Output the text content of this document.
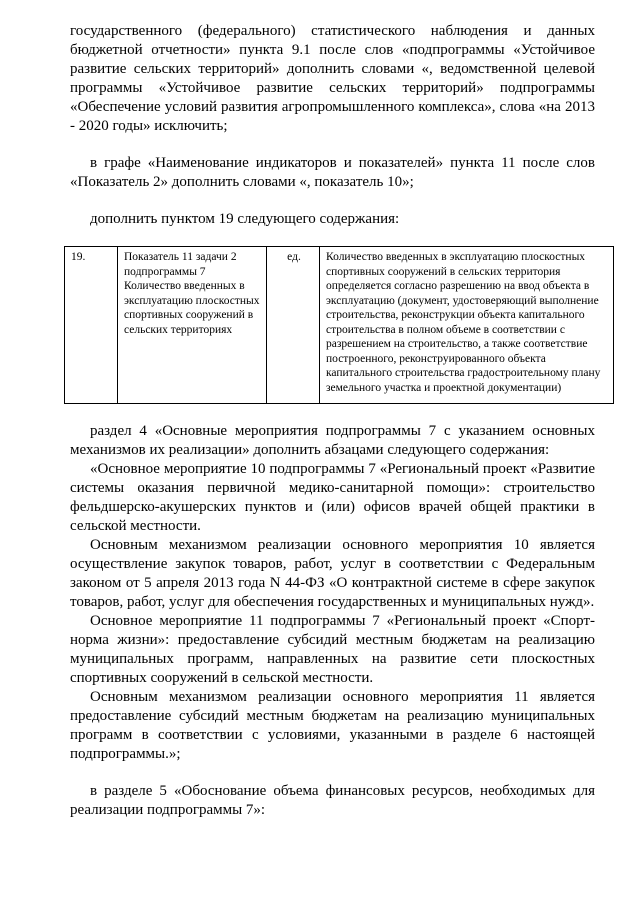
государственного (федерального) статистического наблюдения и данных бюджетной отчетности» пункта 9.1 после слов «подпрограммы «Устойчивое развитие сельских территорий» дополнить словами «, ведомственной целевой программы «Устойчивое развитие сельских территорий» подпрограммы «Обеспечение условий развития агропромышленного комплекса», слова «на 2013 - 2020 годы» исключить;

в графе «Наименование индикаторов и показателей» пункта 11 после слов «Показатель 2» дополнить словами «, показатель 10»;

дополнить пунктом 19 следующего содержания:

19.	Показатель 11 задачи 2 подпрограммы 7 Количество введенных в эксплуатацию плоскостных спортивных сооружений в сельских территориях	ед.	Количество введенных в эксплуатацию плоскостных спортивных сооружений в сельских территория определяется согласно разрешению на ввод объекта в эксплуатацию (документ, удостоверяющий выполнение строительства, реконструкции объекта капитального строительства в полном объеме в соответствии с разрешением на строительство, а также соответствие построенного, реконструированного объекта капитального строительства градостроительному плану земельного участка и проектной документации)

раздел 4 «Основные мероприятия подпрограммы 7 с указанием основных механизмов их реализации» дополнить абзацами следующего содержания:

«Основное мероприятие 10 подпрограммы 7 «Региональный проект «Развитие системы оказания первичной медико-санитарной помощи»: строительство фельдшерско-акушерских пунктов и (или) офисов врачей общей практики в сельской местности.

Основным механизмом реализации основного мероприятия 10 является осуществление закупок товаров, работ, услуг в соответствии с Федеральным законом от 5 апреля 2013 года N 44-ФЗ «О контрактной системе в сфере закупок товаров, работ, услуг для обеспечения государственных и муниципальных нужд».

Основное мероприятие 11 подпрограммы 7 «Региональный проект «Спорт-норма жизни»: предоставление субсидий местным бюджетам на реализацию муниципальных программ, направленных на развитие сети плоскостных спортивных сооружений в сельской местности.

Основным механизмом реализации основного мероприятия 11 является предоставление субсидий местным бюджетам на реализацию муниципальных программ в соответствии с условиями, указанными в разделе 6 настоящей подпрограммы.»;

в разделе 5 «Обоснование объема финансовых ресурсов, необходимых для реализации подпрограммы 7»:
